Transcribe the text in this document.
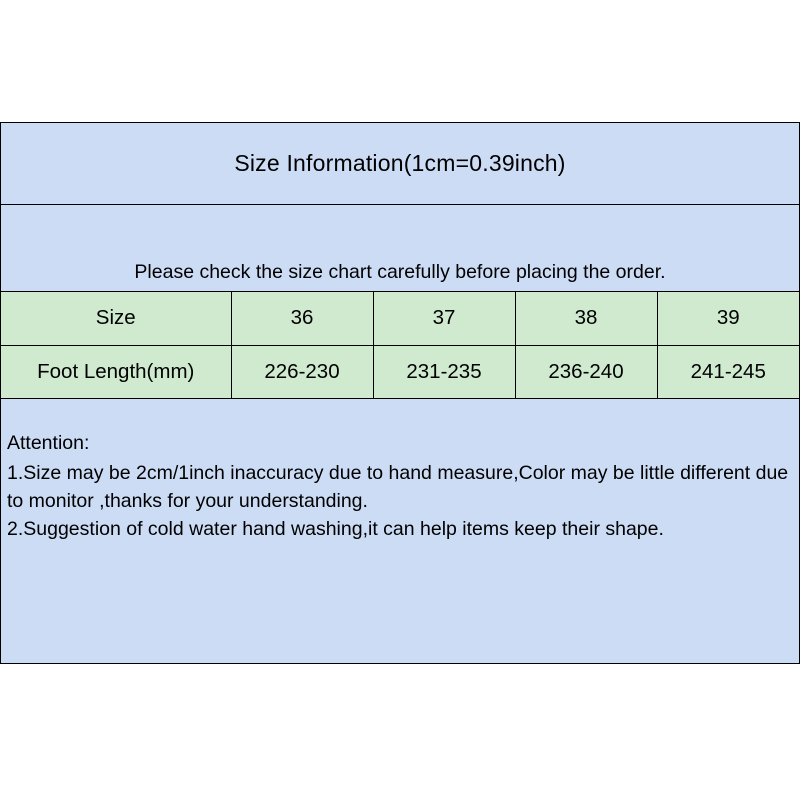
Size Information(1cm=0.39inch)
Please check the size chart carefully before placing the order.
Size	36	37	38	39
Foot Length(mm)	226-230	231-235	236-240	241-245

Attention:

1.Size may be 2cm/1inch inaccuracy due to hand measure,Color may be little different due to monitor ,thanks for your understanding.

2.Suggestion of cold water hand washing,it can help items keep their shape.
